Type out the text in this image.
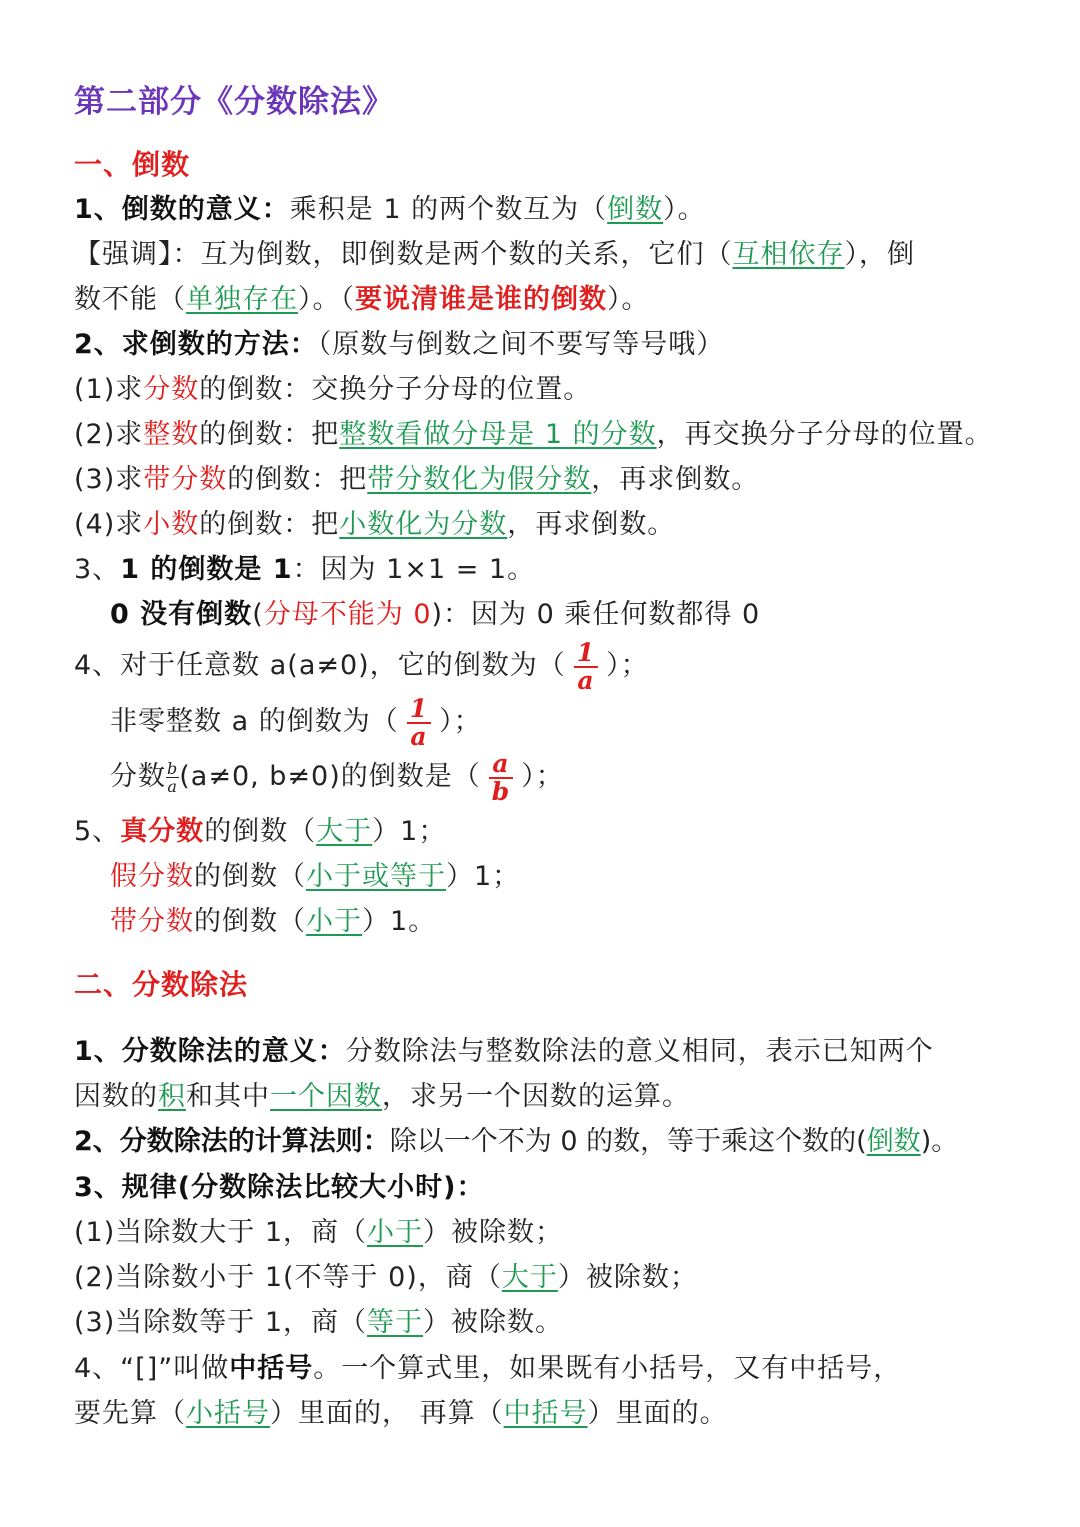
第二部分《分数除法》
一、倒数
1、倒数的意义：乘积是 1 的两个数互为（倒数）。
【强调】：互为倒数，即倒数是两个数的关系，它们（互相依存），倒
数不能（单独存在）。（要说清谁是谁的倒数）。
2、求倒数的方法：（原数与倒数之间不要写等号哦）
(1)求分数的倒数：交换分子分母的位置。
(2)求整数的倒数：把整数看做分母是 1 的分数，再交换分子分母的位置。
(3)求带分数的倒数：把带分数化为假分数，再求倒数。
(4)求小数的倒数：把小数化为分数，再求倒数。
3、1 的倒数是 1：因为 1×1 = 1。
0 没有倒数(分母不能为 0)：因为 0 乘任何数都得 0
4、对于任意数 a(a≠0)，它的倒数为（ $\frac{1}{a}$ ）；
非零整数 a 的倒数为（ $\frac{1}{a}$ ）；
分数 $\frac{b}{a} (a\ne 0$, b≠0)的倒数是（ $\frac{a}{b}$ ）；
5、真分数的倒数（大于）1；
假分数的倒数（小于或等于）1；
带分数的倒数（小于）1。
二、分数除法
1、分数除法的意义：分数除法与整数除法的意义相同，表示已知两个
因数的积和其中一个因数，求另一个因数的运算。
2、分数除法的计算法则：除以一个不为 0 的数，等于乘这个数的(倒数)。
3、规律(分数除法比较大小时)：
(1)当除数大于 1，商（小于）被除数；
(2)当除数小于 1(不等于 0)，商（大于）被除数；
(3)当除数等于 1，商（等于）被除数。
4、“[]”叫做中括号。一个算式里，如果既有小括号，又有中括号，
要先算（小括号）里面的， 再算（中括号）里面的。
